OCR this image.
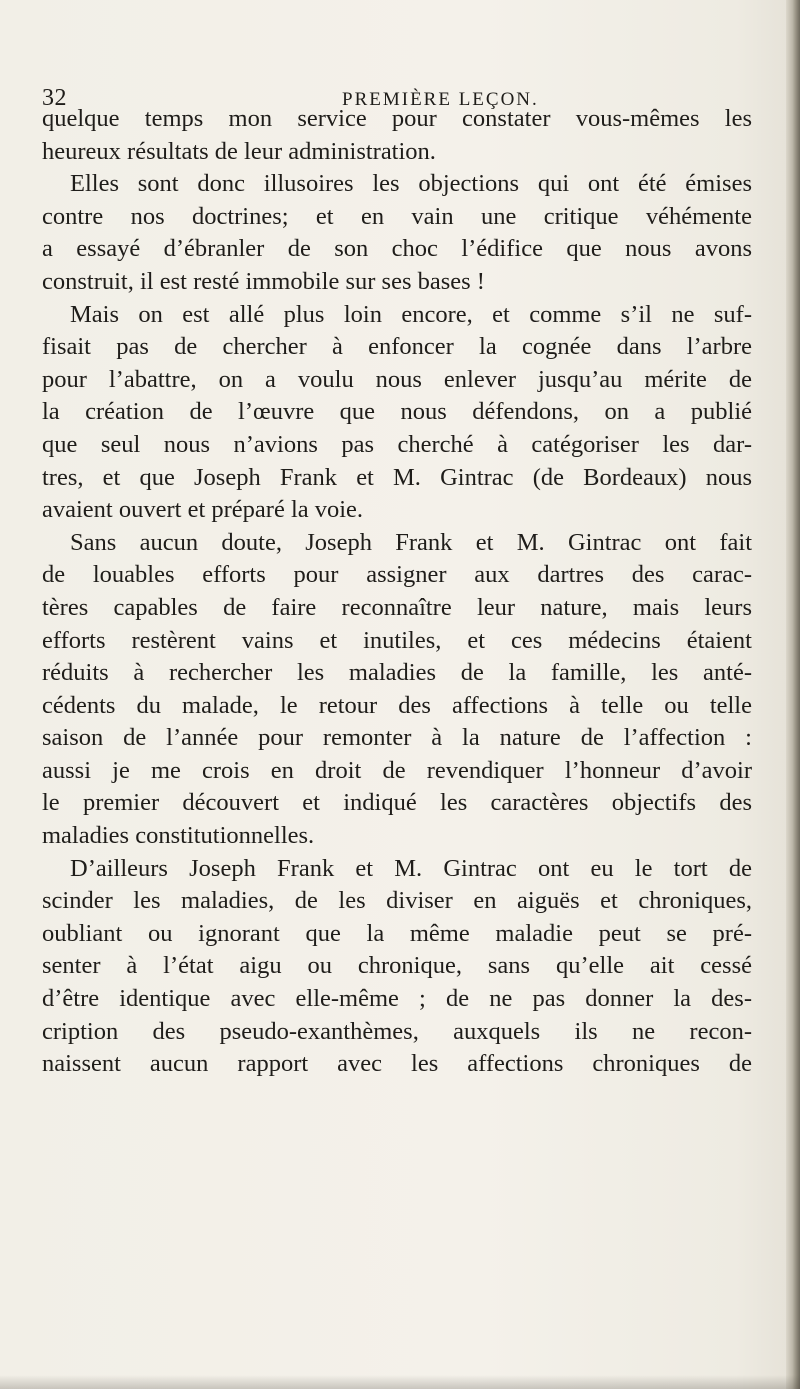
32	PREMIÈRE LEÇON.
quelque temps mon service pour constater vous-mêmes les
heureux résultats de leur administration.
Elles sont donc illusoires les objections qui ont été émises
contre nos doctrines; et en vain une critique véhémente
a essayé d’ébranler de son choc l’édifice que nous avons
construit, il est resté immobile sur ses bases !
Mais on est allé plus loin encore, et comme s’il ne suf-
fisait pas de chercher à enfoncer la cognée dans l’arbre
pour l’abattre, on a voulu nous enlever jusqu’au mérite de
la création de l’œuvre que nous défendons, on a publié
que seul nous n’avions pas cherché à catégoriser les dar-
tres, et que Joseph Frank et M. Gintrac (de Bordeaux) nous
avaient ouvert et préparé la voie.
Sans aucun doute, Joseph Frank et M. Gintrac ont fait
de louables efforts pour assigner aux dartres des carac-
tères capables de faire reconnaître leur nature, mais leurs
efforts restèrent vains et inutiles, et ces médecins étaient
réduits à rechercher les maladies de la famille, les anté-
cédents du malade, le retour des affections à telle ou telle
saison de l’année pour remonter à la nature de l’affection :
aussi je me crois en droit de revendiquer l’honneur d’avoir
le premier découvert et indiqué les caractères objectifs des
maladies constitutionnelles.
D’ailleurs Joseph Frank et M. Gintrac ont eu le tort de
scinder les maladies, de les diviser en aiguës et chroniques,
oubliant ou ignorant que la même maladie peut se pré-
senter à l’état aigu ou chronique, sans qu’elle ait cessé
d’être identique avec elle-même ; de ne pas donner la des-
cription des pseudo-exanthèmes, auxquels ils ne recon-
naissent aucun rapport avec les affections chroniques de
